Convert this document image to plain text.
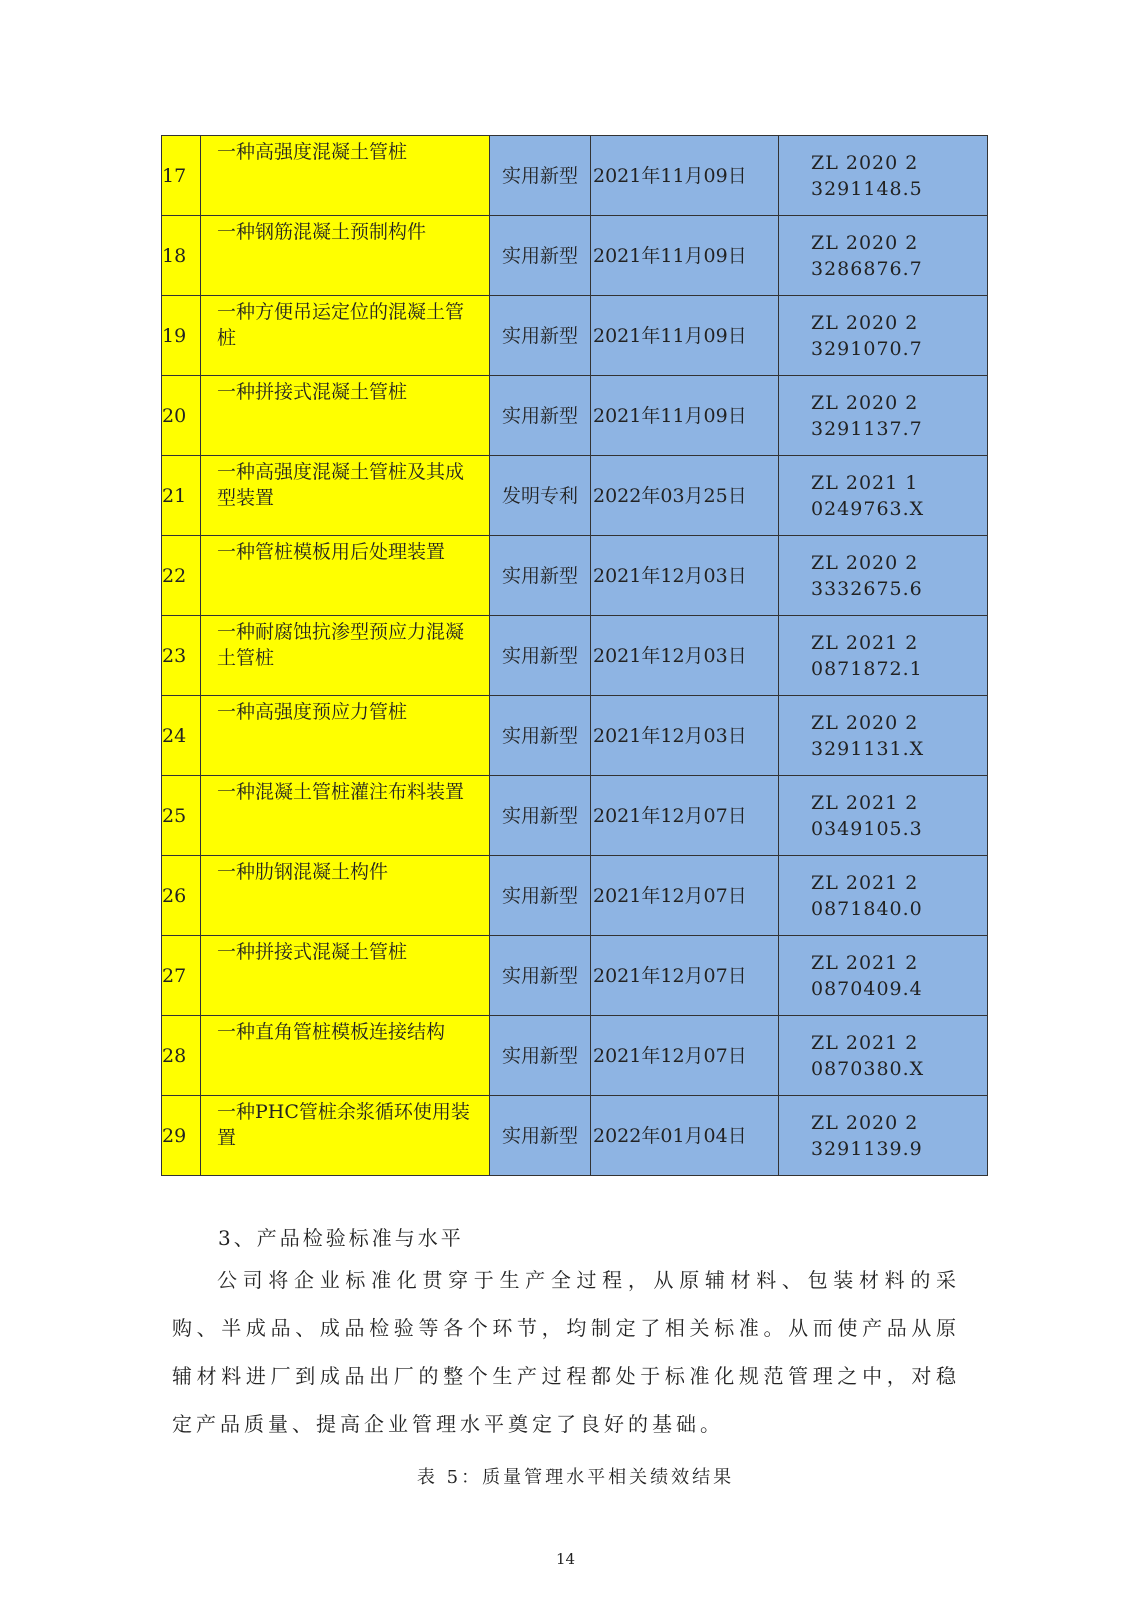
17	一种高强度混凝土管桩	实用新型	2021年11月09日	ZL 2020 2
3291148.5
18	一种钢筋混凝土预制构件	实用新型	2021年11月09日	ZL 2020 2
3286876.7
19	一种方便吊运定位的混凝土管桩	实用新型	2021年11月09日	ZL 2020 2
3291070.7
20	一种拼接式混凝土管桩	实用新型	2021年11月09日	ZL 2020 2
3291137.7
21	一种高强度混凝土管桩及其成型装置	发明专利	2022年03月25日	ZL 2021 1
0249763.X
22	一种管桩模板用后处理装置	实用新型	2021年12月03日	ZL 2020 2
3332675.6
23	一种耐腐蚀抗渗型预应力混凝土管桩	实用新型	2021年12月03日	ZL 2021 2
0871872.1
24	一种高强度预应力管桩	实用新型	2021年12月03日	ZL 2020 2
3291131.X
25	一种混凝土管桩灌注布料装置	实用新型	2021年12月07日	ZL 2021 2
0349105.3
26	一种肋钢混凝土构件	实用新型	2021年12月07日	ZL 2021 2
0871840.0
27	一种拼接式混凝土管桩	实用新型	2021年12月07日	ZL 2021 2
0870409.4
28	一种直角管桩模板连接结构	实用新型	2021年12月07日	ZL 2021 2
0870380.X
29	一种PHC管桩余浆循环使用装置	实用新型	2022年01月04日	ZL 2020 2
3291139.9

3、产品检验标准与水平

公司将企业标准化贯穿于生产全过程，从原辅材料、包装材料的采购、半成品、成品检验等各个环节，均制定了相关标准。从而使产品从原辅材料进厂到成品出厂的整个生产过程都处于标准化规范管理之中，对稳定产品质量、提高企业管理水平奠定了良好的基础。

表 5：质量管理水平相关绩效结果

14
